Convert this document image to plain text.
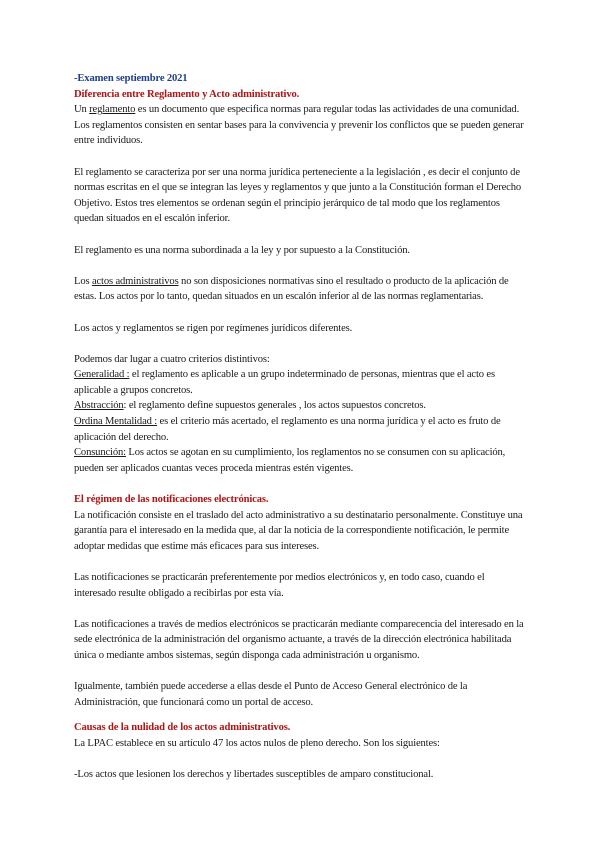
-Examen septiembre 2021

Diferencia entre Reglamento y Acto administrativo.

Un reglamento es un documento que especifica normas para regular todas las actividades de una comunidad. Los reglamentos consisten en sentar bases para la convivencia y prevenir los conflictos que se pueden generar entre individuos.

El reglamento se caracteriza por ser una norma jurídica perteneciente a la legislación , es decir el conjunto de normas escritas en el que se integran las leyes y reglamentos y que junto a la Constitución forman el Derecho Objetivo. Estos tres elementos se ordenan según el principio jerárquico de tal modo que los reglamentos quedan situados en el escalón inferior.

El reglamento es una norma subordinada a la ley y por supuesto a la Constitución.

Los actos administrativos no son disposiciones normativas sino el resultado o producto de la aplicación de estas. Los actos por lo tanto, quedan situados en un escalón inferior al de las normas reglamentarias.

Los actos y reglamentos se rigen por regímenes jurídicos diferentes.

Podemos dar lugar a cuatro criterios distintivos:

Generalidad : el reglamento es aplicable a un grupo indeterminado de personas, mientras que el acto es aplicable a grupos concretos.

Abstracción: el reglamento define supuestos generales , los actos supuestos concretos.

Ordina Mentalidad : es el criterio más acertado, el reglamento es una norma jurídica y el acto es fruto de aplicación del derecho.

Consunción: Los actos se agotan en su cumplimiento, los reglamentos no se consumen con su aplicación, pueden ser aplicados cuantas veces proceda mientras estén vigentes.

El régimen de las notificaciones electrónicas.

La notificación consiste en el traslado del acto administrativo a su destinatario personalmente. Constituye una garantía para el interesado en la medida que, al dar la noticia de la correspondiente notificación, le permite adoptar medidas que estime más eficaces para sus intereses.

Las notificaciones se practicarán preferentemente por medios electrónicos y, en todo caso, cuando el interesado resulte obligado a recibirlas por esta vía.

Las notificaciones a través de medios electrónicos se practicarán mediante comparecencia del interesado en la sede electrónica de la administración del organismo actuante, a través de la dirección electrónica habilitada única o mediante ambos sistemas, según disponga cada administración u organismo.

Igualmente, también puede accederse a ellas desde el Punto de Acceso General electrónico de la Administración, que funcionará como un portal de acceso.

Causas de la nulidad de los actos administrativos.

La LPAC establece en su artículo 47 los actos nulos de pleno derecho. Son los siguientes:

-Los actos que lesionen los derechos y libertades susceptibles de amparo constitucional.
